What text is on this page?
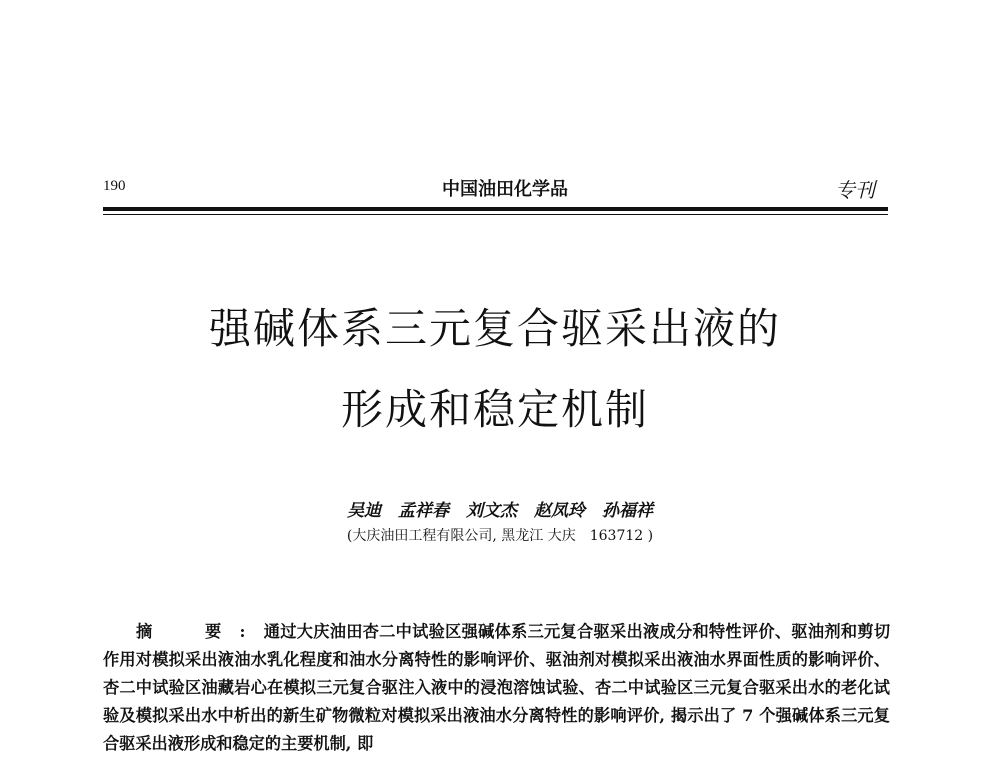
190	中国油田化学品	专刊
强碱体系三元复合驱采出液的
形成和稳定机制
吴迪　孟祥春　刘文杰　赵凤玲　孙福祥
(大庆油田工程有限公司, 黑龙江 大庆　163712 )

摘　要:通过大庆油田杏二中试验区强碱体系三元复合驱采出液成分和特性评价、驱油剂和剪切作用对模拟采出液油水乳化程度和油水分离特性的影响评价、驱油剂对模拟采出液油水界面性质的影响评价、杏二中试验区油藏岩心在模拟三元复合驱注入液中的浸泡溶蚀试验、杏二中试验区三元复合驱采出水的老化试验及模拟采出水中析出的新生矿物微粒对模拟采出液油水分离特性的影响评价, 揭示出了 7 个强碱体系三元复合驱采出液形成和稳定的主要机制, 即
